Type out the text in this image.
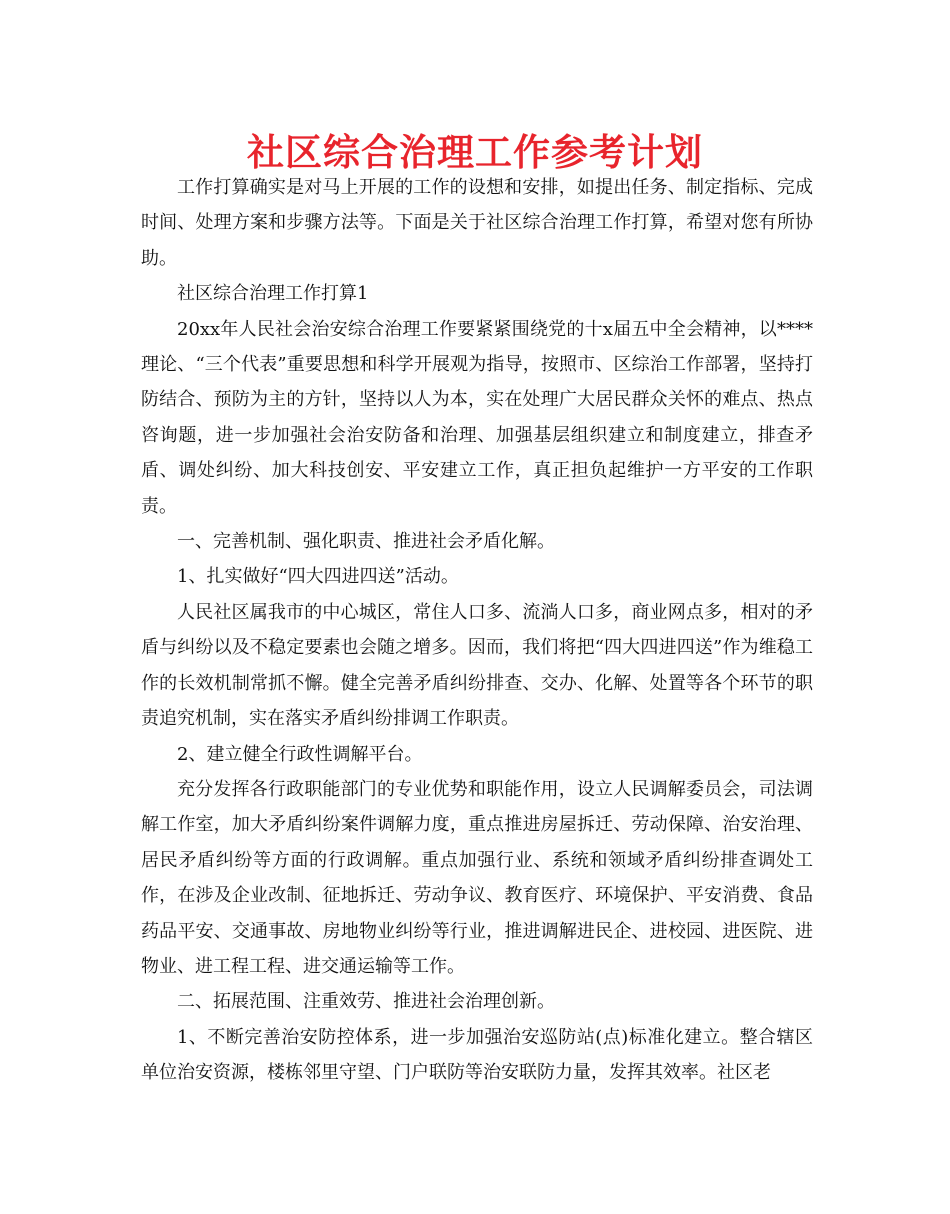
社区综合治理工作参考计划

工作打算确实是对马上开展的工作的设想和安排，如提出任务、制定指标、完成时间、处理方案和步骤方法等。下面是关于社区综合治理工作打算，希望对您有所协助。

社区综合治理工作打算1

20xx年人民社会治安综合治理工作要紧紧围绕党的十x届五中全会精神，以****理论、“三个代表”重要思想和科学开展观为指导，按照市、区综治工作部署，坚持打防结合、预防为主的方针，坚持以人为本，实在处理广大居民群众关怀的难点、热点咨询题，进一步加强社会治安防备和治理、加强基层组织建立和制度建立，排查矛盾、调处纠纷、加大科技创安、平安建立工作，真正担负起维护一方平安的工作职责。

一、完善机制、强化职责、推进社会矛盾化解。

1、扎实做好“四大四进四送”活动。

人民社区属我市的中心城区，常住人口多、流淌人口多，商业网点多，相对的矛盾与纠纷以及不稳定要素也会随之增多。因而，我们将把“四大四进四送”作为维稳工作的长效机制常抓不懈。健全完善矛盾纠纷排查、交办、化解、处置等各个环节的职责追究机制，实在落实矛盾纠纷排调工作职责。

2、建立健全行政性调解平台。

充分发挥各行政职能部门的专业优势和职能作用，设立人民调解委员会，司法调解工作室，加大矛盾纠纷案件调解力度，重点推进房屋拆迁、劳动保障、治安治理、居民矛盾纠纷等方面的行政调解。重点加强行业、系统和领域矛盾纠纷排查调处工作，在涉及企业改制、征地拆迁、劳动争议、教育医疗、环境保护、平安消费、食品药品平安、交通事故、房地物业纠纷等行业，推进调解进民企、进校园、进医院、进物业、进工程工程、进交通运输等工作。

二、拓展范围、注重效劳、推进社会治理创新。

1、不断完善治安防控体系，进一步加强治安巡防站(点)标准化建立。整合辖区单位治安资源，楼栋邻里守望、门户联防等治安联防力量，发挥其效率。社区老
